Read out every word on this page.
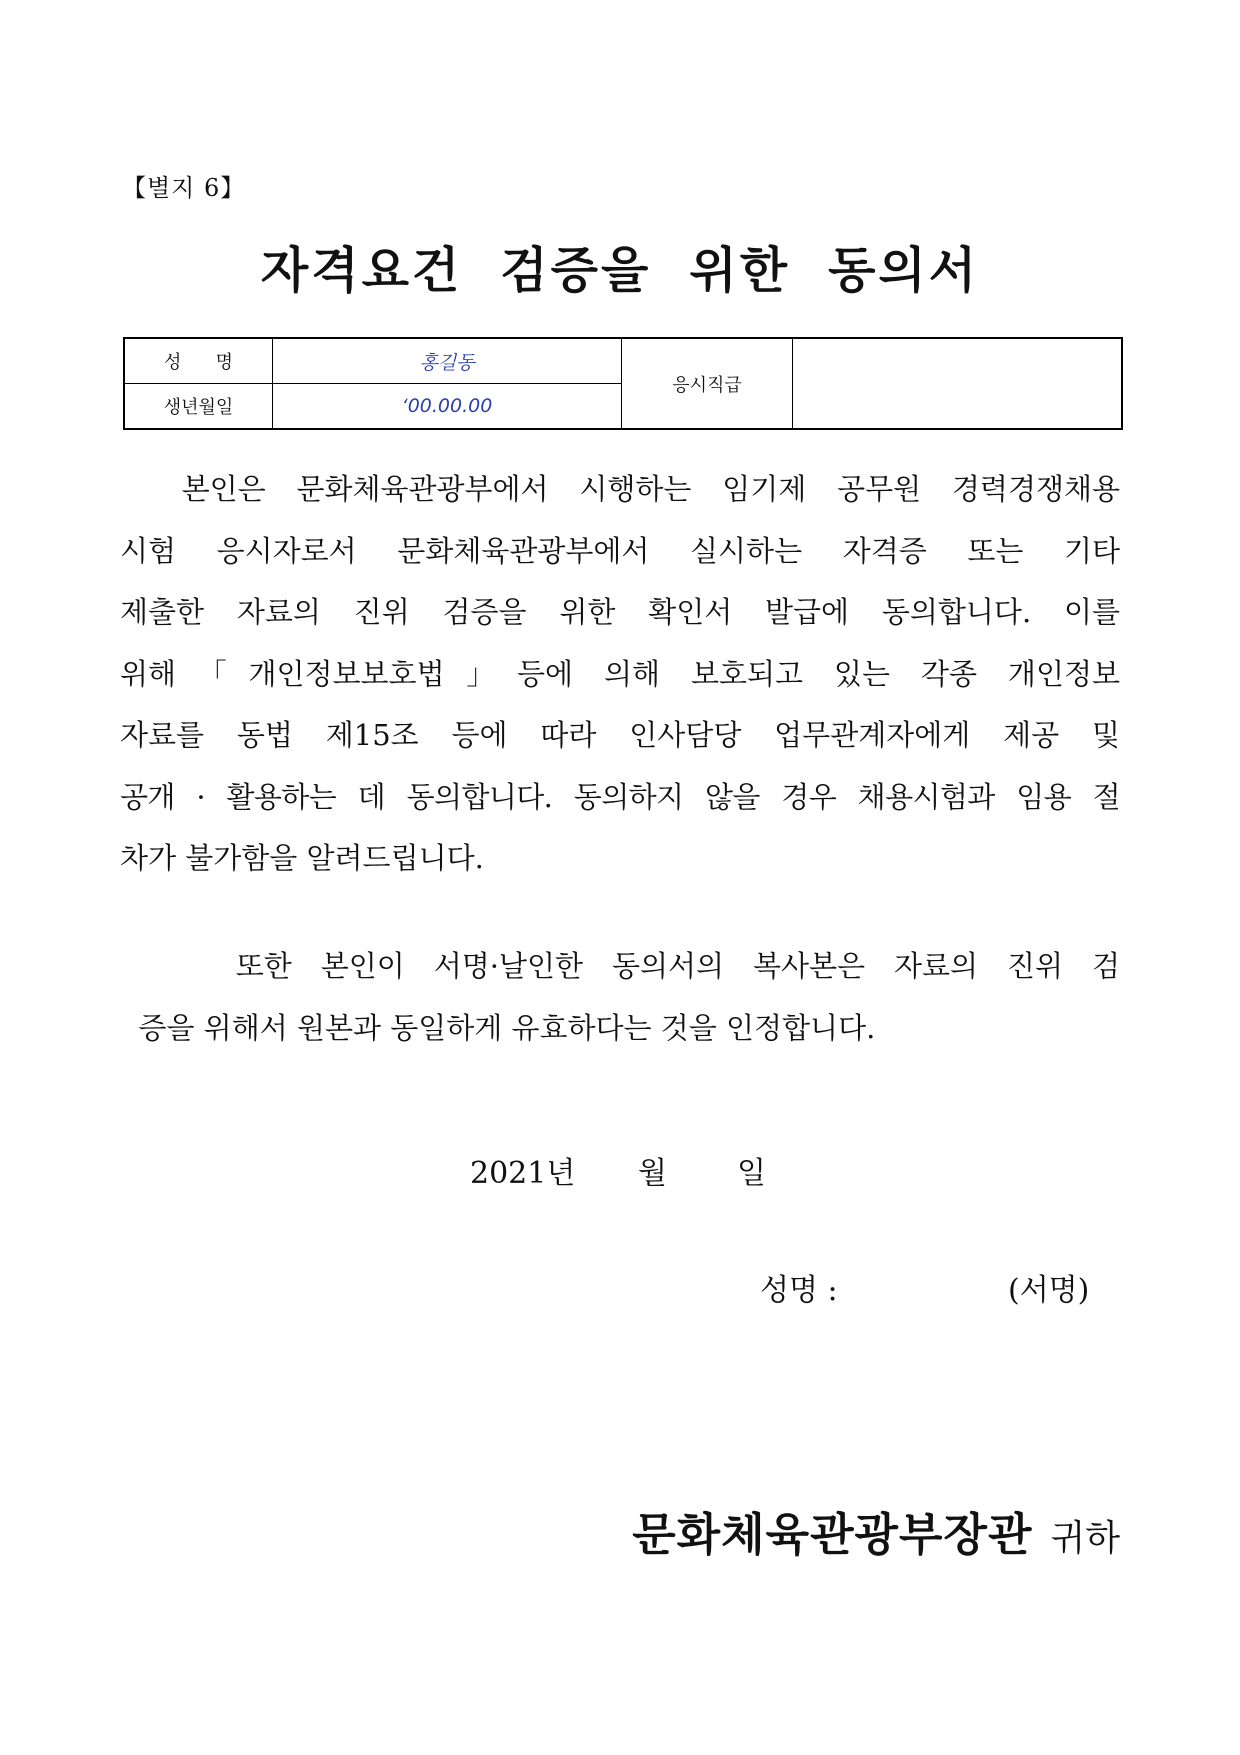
【별지 6】
자격요건 검증을 위한 동의서
성      명	홍길동	응시직급	
생년월일	‘00.00.00		
본인은 문화체육관광부에서 시행하는 임기제 공무원 경력경쟁채용
시험 응시자로서 문화체육관광부에서 실시하는 자격증 또는 기타
제출한 자료의 진위 검증을 위한 확인서 발급에 동의합니다. 이를
위해「개인정보보호법」등에 의해 보호되고 있는 각종 개인정보
자료를 동법 제15조 등에 따라 인사담당 업무관계자에게 제공 및
공개 · 활용하는 데 동의합니다. 동의하지 않을 경우 채용시험과 임용 절
차가 불가함을 알려드립니다.
또한 본인이 서명·날인한 동의서의 복사본은 자료의 진위 검
증을 위해서 원본과 동일하게 유효하다는 것을 인정합니다.
2021년 월 일
성명 :	(서명)
문화체육관광부장관 귀하
